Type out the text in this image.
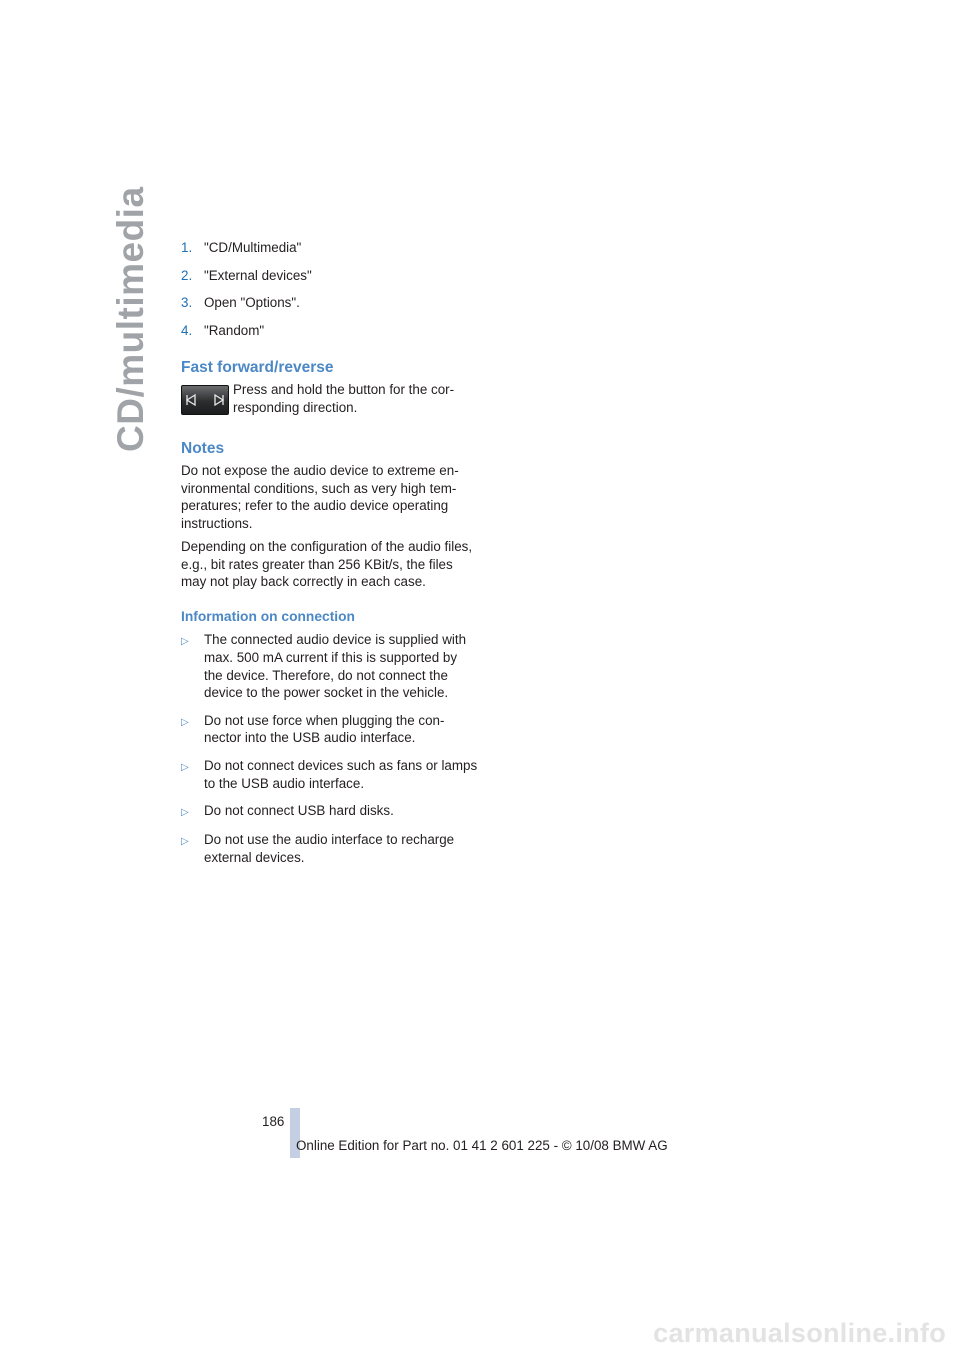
CD/multimedia 1. "CD/Multimedia"
2. "External devices"
3. Open "Options".
4. "Random"
Fast forward/reverse
Press and hold the button for the cor-responding direction.
Notes

Do not expose the audio device to extreme en-vironmental conditions, such as very high tem-peratures; refer to the audio device operating instructions.

Depending on the configuration of the audio files, e.g., bit rates greater than 256 KBit/s, the files may not play back correctly in each case.

Information on connection
▷	The connected audio device is supplied with max. 500 mA current if this is supported by the device. Therefore, do not connect the device to the power socket in the vehicle.
▷	Do not use force when plugging the con-nector into the USB audio interface.
▷	Do not connect devices such as fans or lamps to the USB audio interface.
▷	Do not connect USB hard disks.
▷	Do not use the audio interface to recharge external devices.
186
Online Edition for Part no. 01 41 2 601 225 - © 10/08 BMW AG
carmanualsonline.info
